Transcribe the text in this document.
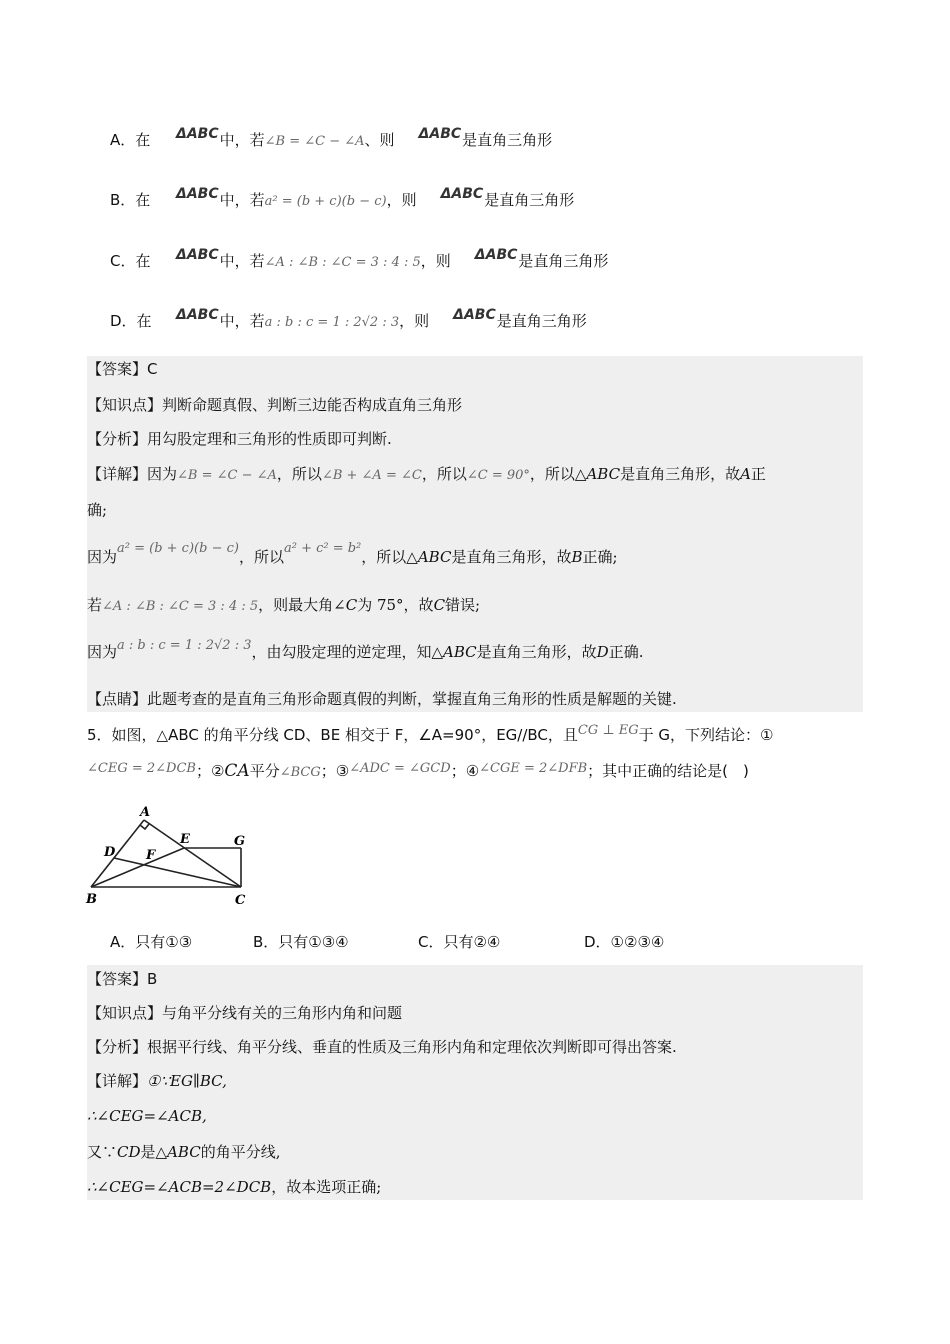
A．在 ΔABC中，若∠B = ∠C − ∠A、则 ΔABC是直角三角形
B．在 ΔABC中，若a² = (b + c)(b − c)，则 ΔABC是直角三角形
C．在 ΔABC中，若∠A : ∠B : ∠C = 3 : 4 : 5，则 ΔABC是直角三角形
D．在 ΔABC中，若a : b : c = 1 : 2√2 : 3，则 ΔABC是直角三角形
【答案】C
【知识点】判断命题真假、判断三边能否构成直角三角形
【分析】用勾股定理和三角形的性质即可判断.
【详解】因为∠B = ∠C − ∠A，所以∠B + ∠A = ∠C，所以∠C = 90°，所以△ABC是直角三角形，故A正
确;
因为a² = (b + c)(b − c)，所以a² + c² = b²，所以△ABC是直角三角形，故B正确;
若∠A : ∠B : ∠C = 3 : 4 : 5，则最大角∠C为 75°，故C错误;
因为a : b : c = 1 : 2√2 : 3，由勾股定理的逆定理，知△ABC是直角三角形，故D正确.
【点睛】此题考查的是直角三角形命题真假的判断，掌握直角三角形的性质是解题的关键.
5．如图，△ABC 的角平分线 CD、BE 相交于 F，∠A=90°，EG//BC，且CG ⊥ EG于 G，下列结论：①
∠CEG = 2∠DCB；②CA平分∠BCG；③∠ADC = ∠GCD；④∠CGE = 2∠DFB；其中正确的结论是(　)
A
B	C
D
E
F
G
A．只有①③	B．只有①③④	C．只有②④	D．①②③④
【答案】B
【知识点】与角平分线有关的三角形内角和问题
【分析】根据平行线、角平分线、垂直的性质及三角形内角和定理依次判断即可得出答案.
【详解】①∵EG∥BC,
∴∠CEG=∠ACB,
又∵CD是△ABC的角平分线,
∴∠CEG=∠ACB=2∠DCB，故本选项正确;
